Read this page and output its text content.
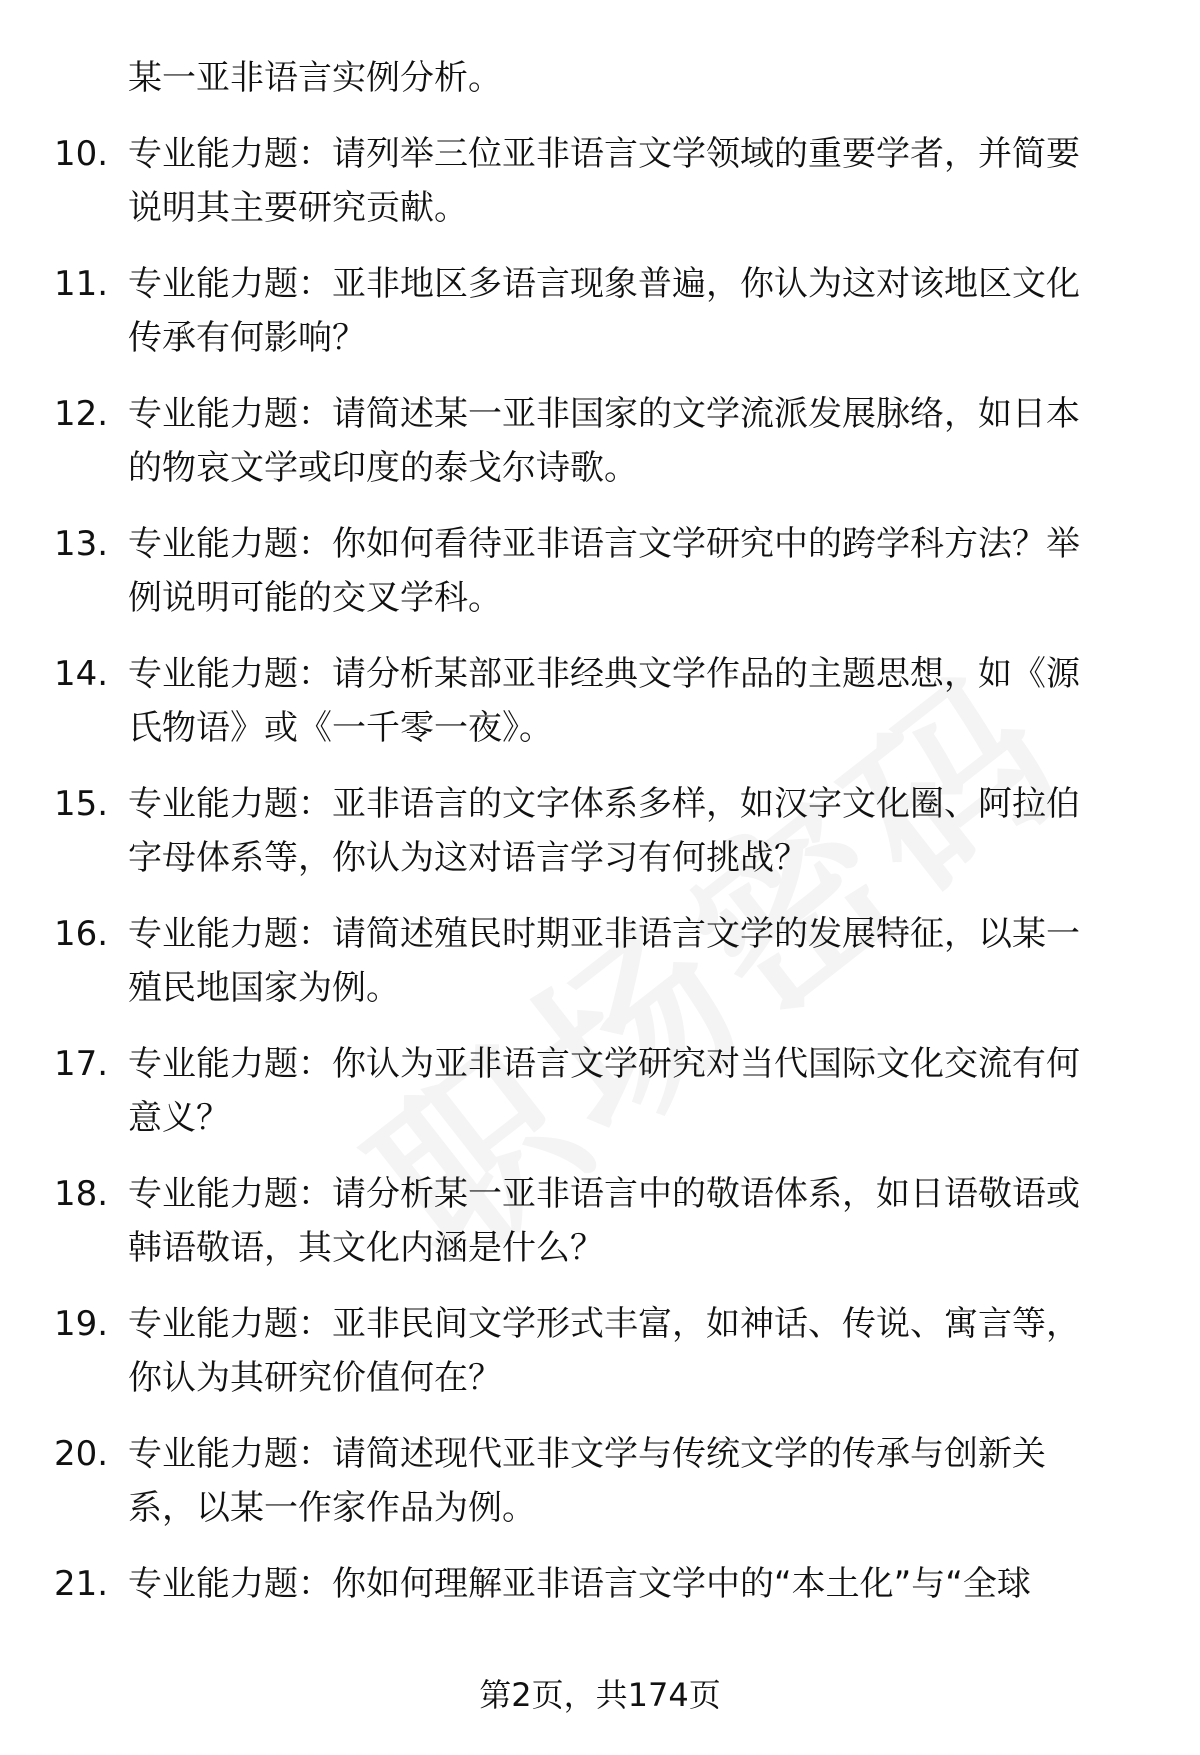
某一亚非语言实例分析。
10. 专业能力题：请列举三位亚非语言文学领域的重要学者，并简要
说明其主要研究贡献。
11. 专业能力题：亚非地区多语言现象普遍，你认为这对该地区文化
传承有何影响？
12. 专业能力题：请简述某一亚非国家的文学流派发展脉络，如日本
的物哀文学或印度的泰戈尔诗歌。
13. 专业能力题：你如何看待亚非语言文学研究中的跨学科方法？举
例说明可能的交叉学科。
14. 专业能力题：请分析某部亚非经典文学作品的主题思想，如《源
氏物语》或《一千零一夜》。
15. 专业能力题：亚非语言的文字体系多样，如汉字文化圈、阿拉伯
字母体系等，你认为这对语言学习有何挑战？
16. 专业能力题：请简述殖民时期亚非语言文学的发展特征，以某一
殖民地国家为例。
17. 专业能力题：你认为亚非语言文学研究对当代国际文化交流有何
意义？
18. 专业能力题：请分析某一亚非语言中的敬语体系，如日语敬语或
韩语敬语，其文化内涵是什么？
19. 专业能力题：亚非民间文学形式丰富，如神话、传说、寓言等，
你认为其研究价值何在？
20. 专业能力题：请简述现代亚非文学与传统文学的传承与创新关
系，以某一作家作品为例。
21. 专业能力题：你如何理解亚非语言文学中的“本土化”与“全球
第2页，共174页
